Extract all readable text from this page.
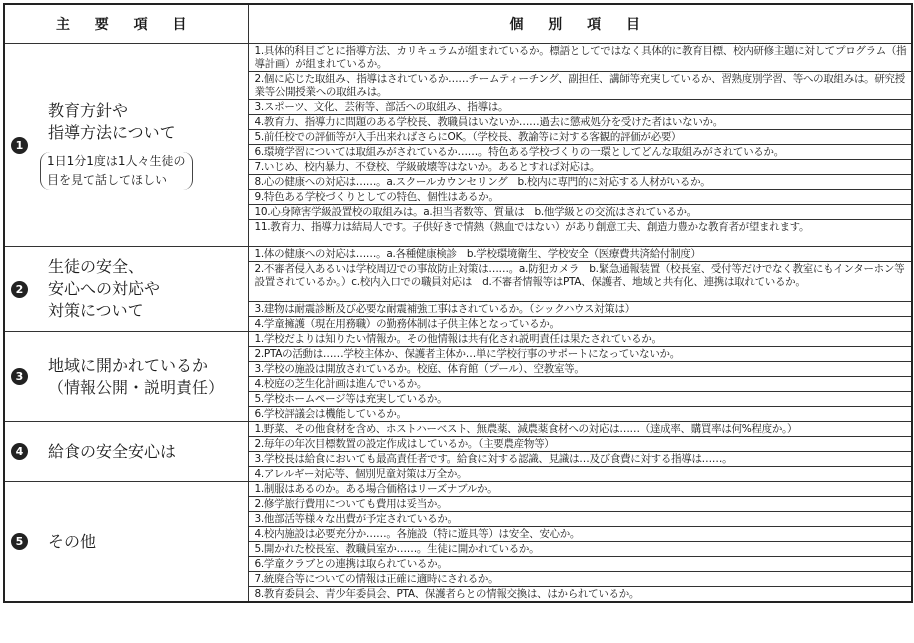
主 要 項 目	個 別 項 目

1
教育方針や
指導方法について
1日1分1度は1人々生徒の
目を見て話してほしい	1.具体的科目ごとに指導方法、カリキュラムが組まれているか。標語としてではなく具体的に教育目標、校内研修主題に対してプログラム（指導計画）が組まれているか。
	2.個に応じた取組み、指導はされているか……チームティーチング、副担任、講師等充実しているか、習熟度別学習、等への取組みは。研究授業等公開授業への取組みは。
	3.スポーツ、文化、芸術等、部活への取組み、指導は。
	4.教育力、指導力に問題のある学校長、教職員はいないか……過去に懲戒処分を受けた者はいないか。
	5.前任校での評価等が入手出来ればさらにOK。（学校長、教諭等に対する客観的評価が必要）
	6.環境学習については取組みがされているか……。特色ある学校づくりの一環としてどんな取組みがされているか。
	7.いじめ、校内暴力、不登校、学級破壊等はないか。あるとすれば対応は。
	8.心の健康への対応は……。a.スクールカウンセリング　b.校内に専門的に対応する人材がいるか。
	9.特色ある学校づくりとしての特色、個性はあるか。
	10.心身障害学級設置校の取組みは。a.担当者数等、質量は　b.他学級との交流はされているか。
	11.教育力、指導力は結局人です。子供好きで情熱（熱血ではない）があり創意工夫、創造力豊かな教育者が望まれます。

2
生徒の安全、
安心への対応や
対策について	1.体の健康への対応は……。a.各種健康検診　b.学校環境衛生、学校安全（医療費共済給付制度）
	2.不審者侵入あるいは学校周辺での事故防止対策は……。a.防犯カメラ　b.緊急通報装置（校長室、受付等だけでなく教室にもインターホン等設置されているか。）c.校内入口での職員対応は　d.不審者情報等はPTA、保護者、地域と共有化、連携は取れているか。
	3.建物は耐震診断及び必要な耐震補強工事はされているか。（シックハウス対策は）
	4.学童擁護（現在用務職）の勤務体制は子供主体となっているか。

3
地域に開かれているか
（情報公開・説明責任）	1.学校だよりは知りたい情報か。その他情報は共有化され説明責任は果たされているか。
	2.PTAの活動は……学校主体か、保護者主体か…単に学校行事のサポートになっていないか。
	3.学校の施設は開放されているか。校庭、体育館（プール）、空教室等。
	4.校庭の芝生化計画は進んでいるか。
	5.学校ホームページ等は充実しているか。
	6.学校評議会は機能しているか。

4 給食の安全安心は	1.野菜、その他食材を含め、ホストハーベスト、無農薬、減農薬食材への対応は……（達成率、購買率は何%程度か。）
	2.毎年の年次目標数置の設定作成はしているか。（主要農産物等）
	3.学校長は給食においても最高責任者です。給食に対する認識、見識は…及び食費に対する指導は……。
	4.アレルギー対応等、個別児童対策は万全か。

5 その他	1.制服はあるのか。ある場合価格はリーズナブルか。
	2.修学旅行費用についても費用は妥当か。
	3.他部活等様々な出費が予定されているか。
	4.校内施設は必要充分か……。各施設（特に遊具等）は安全、安心か。
	5.開かれた校長室、教職員室か……。生徒に開かれているか。
	6.学童クラブとの連携は取られているか。
	7.統廃合等についての情報は正確に適時にされるか。
	8.教育委員会、青少年委員会、PTA、保護者らとの情報交換は、はかられているか。
